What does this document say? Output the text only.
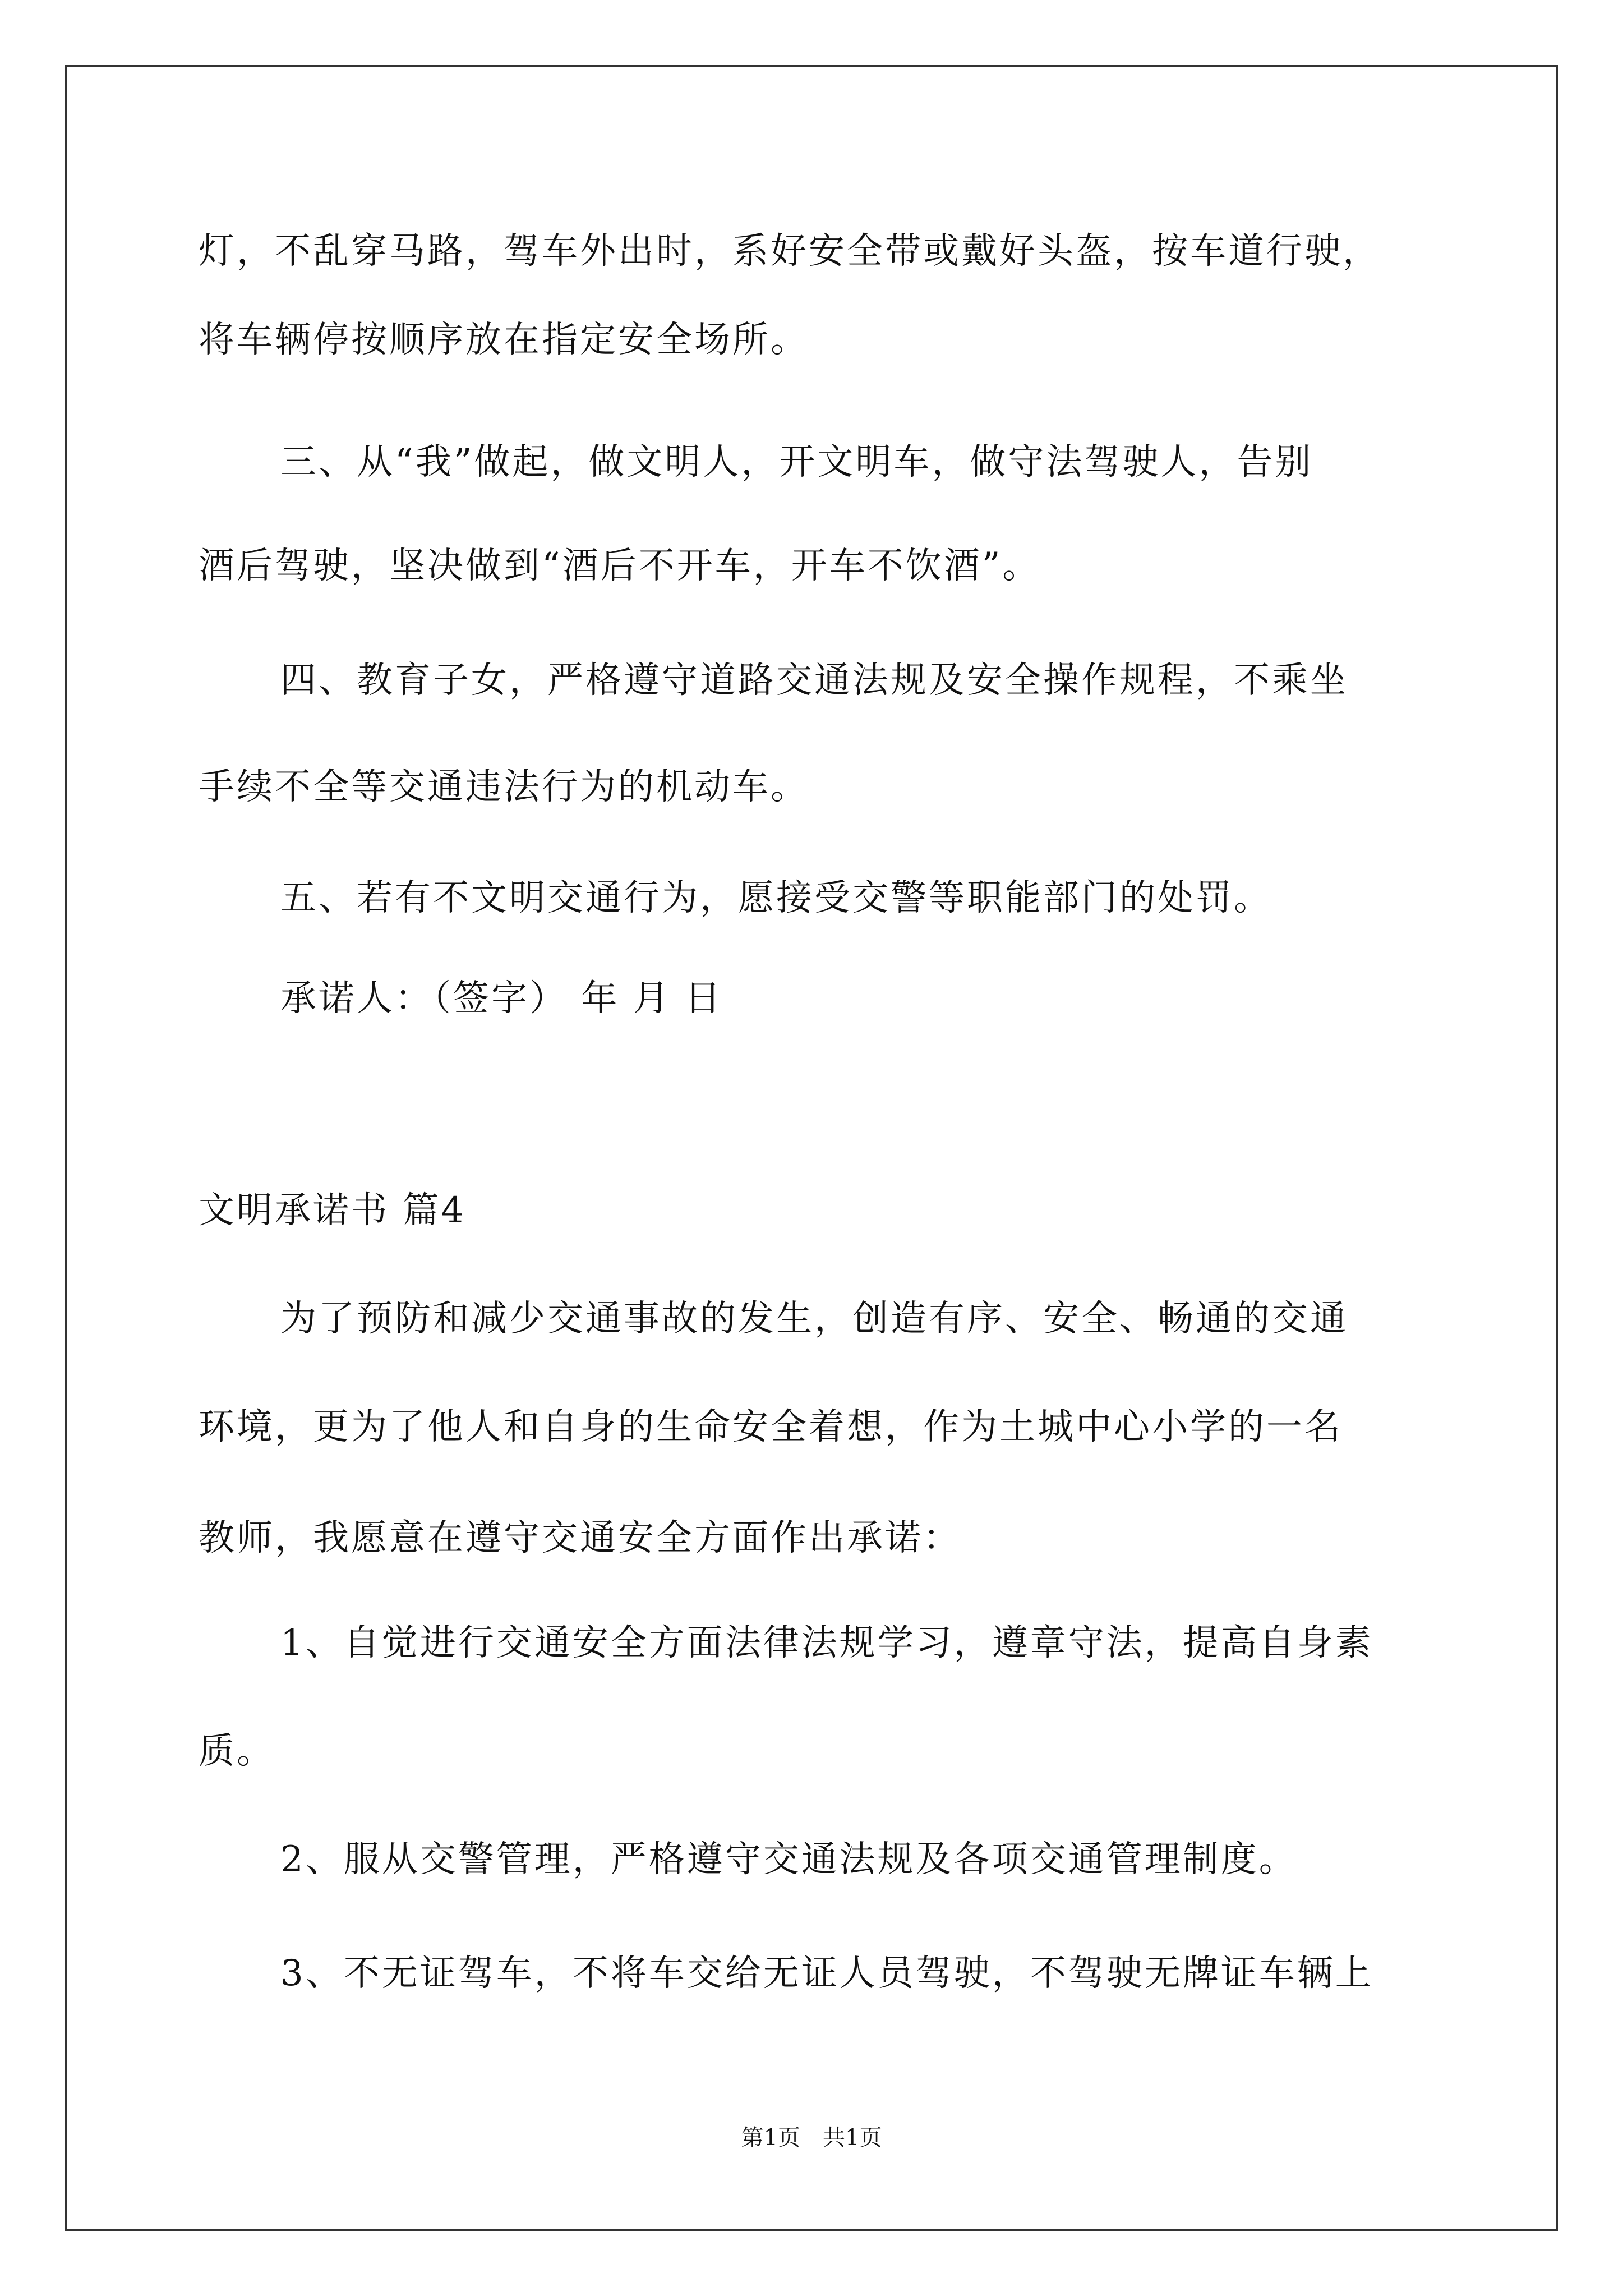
灯，不乱穿马路，驾车外出时，系好安全带或戴好头盔，按车道行驶，
将车辆停按顺序放在指定安全场所。
三、从“我”做起，做文明人，开文明车，做守法驾驶人，告别
酒后驾驶，坚决做到“酒后不开车，开车不饮酒”。
四、教育子女，严格遵守道路交通法规及安全操作规程，不乘坐
手续不全等交通违法行为的机动车。
五、若有不文明交通行为，愿接受交警等职能部门的处罚。
承诺人：（签字） 年 月 日
文明承诺书 篇4
为了预防和减少交通事故的发生，创造有序、安全、畅通的交通
环境，更为了他人和自身的生命安全着想，作为土城中心小学的一名
教师，我愿意在遵守交通安全方面作出承诺：
1、自觉进行交通安全方面法律法规学习，遵章守法，提高自身素
质。
2、服从交警管理，严格遵守交通法规及各项交通管理制度。
3、不无证驾车，不将车交给无证人员驾驶，不驾驶无牌证车辆上
第1页　共1页
